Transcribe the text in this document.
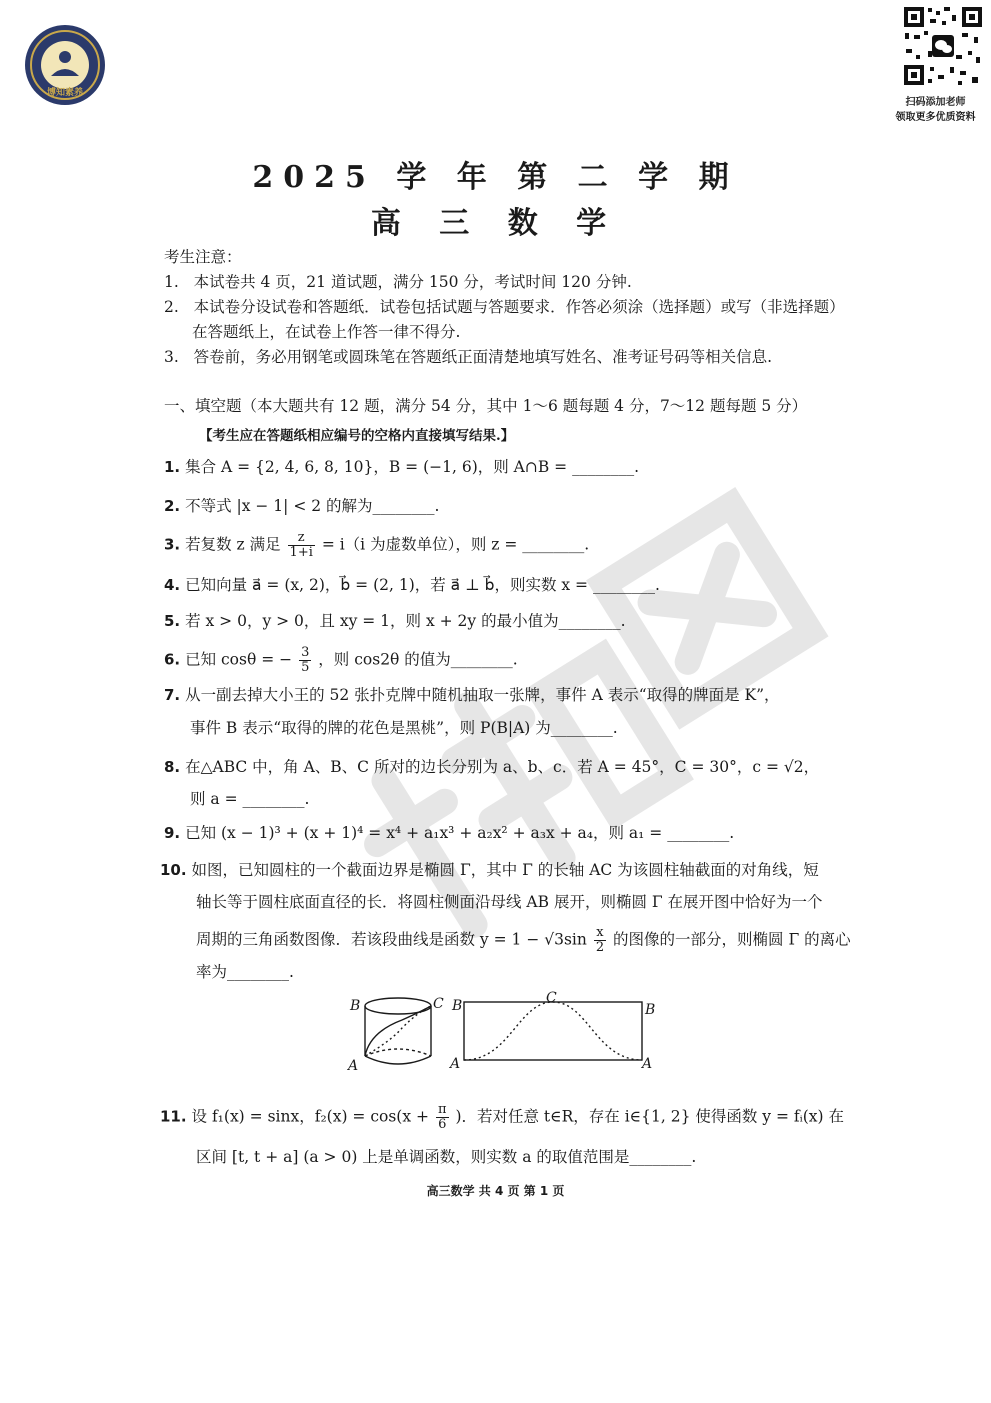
博知素养
扫码添加老师
领取更多优质资料
2025 学 年 第 二 学 期
高 三 数 学
考生注意：
1. 本试卷共 4 页，21 道试题，满分 150 分，考试时间 120 分钟.
2. 本试卷分设试卷和答题纸．试卷包括试题与答题要求．作答必须涂（选择题）或写（非选择题）
在答题纸上，在试卷上作答一律不得分.
3. 答卷前，务必用钢笔或圆珠笔在答题纸正面清楚地填写姓名、准考证号码等相关信息.
一、填空题（本大题共有 12 题，满分 54 分，其中 1～6 题每题 4 分，7～12 题每题 5 分）
【考生应在答题纸相应编号的空格内直接填写结果.】
1. 集合 A = {2, 4, 6, 8, 10}，B = (−1, 6)，则 A∩B = ________.
2. 不等式 |x − 1| < 2 的解为________.
3. 若复数 z 满足 $\frac{z}{1+i} = i(i$ 为虚数单位），则 z = ________.
4. 已知向量 a⃗ = (x, 2)，b⃗ = (2, 1)，若 a⃗ ⊥ b⃗，则实数 x = ________.
5. 若 x > 0，y > 0，且 xy = 1，则 x + 2y 的最小值为________.
6. 已知 cosθ = − $\frac{3}{5}$ ，则 cos2θ 的值为________.
7. 从一副去掉大小王的 52 张扑克牌中随机抽取一张牌，事件 A 表示“取得的牌面是 K”，
事件 B 表示“取得的牌的花色是黑桃”，则 P(B|A) 为________.
8. 在△ABC 中，角 A、B、C 所对的边长分别为 a、b、c．若 A = 45°，C = 30°，c = √2，
则 a = ________.
9. 已知 (x − 1)³ + (x + 1)⁴ = x⁴ + a₁x³ + a₂x² + a₃x + a₄，则 a₁ = ________.
10. 如图，已知圆柱的一个截面边界是椭圆 Γ，其中 Γ 的长轴 AC 为该圆柱轴截面的对角线，短
轴长等于圆柱底面直径的长．将圆柱侧面沿母线 AB 展开，则椭圆 Γ 在展开图中恰好为一个
周期的三角函数图像．若该段曲线是函数 $y = 1 - √3\sin \frac{x}{2}$ 的图像的一部分，则椭圆 Γ 的离心
率为________.
B	C
A
B	C
B
A	A
11. 设 f₁(x) = sinx，$f_2(x) = \cos(x + \frac{\pi}{6}$ )．若对任意 t∈R，存在 i∈{1, 2} 使得函数 y = fᵢ(x) 在
区间 [t, t + a] (a > 0) 上是单调函数，则实数 a 的取值范围是________.
高三数学 共 4 页 第 1 页
